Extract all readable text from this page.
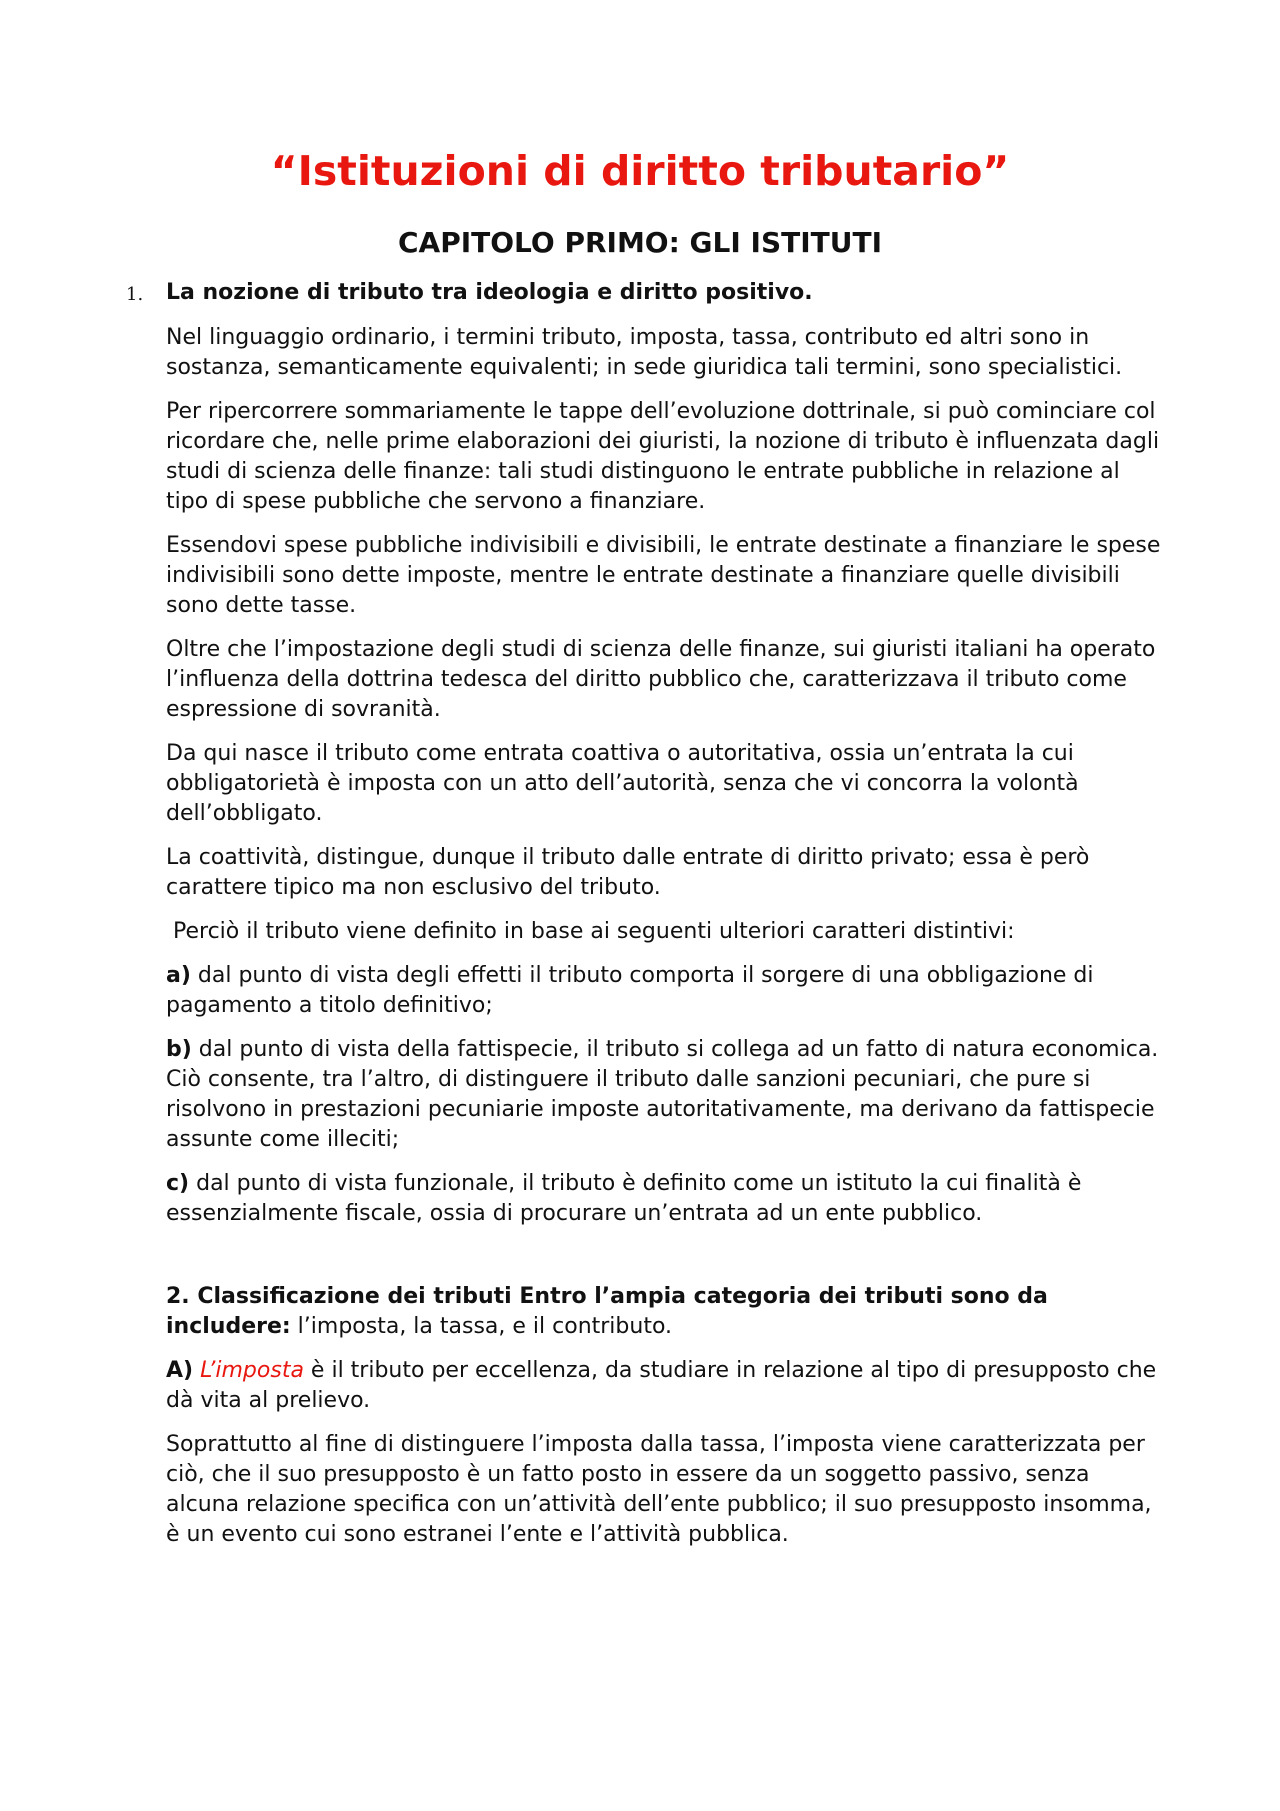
“Istituzioni di diritto tributario”
CAPITOLO PRIMO: GLI ISTITUTI
1. La nozione di tributo tra ideologia e diritto positivo.

Nel linguaggio ordinario, i termini tributo, imposta, tassa, contributo ed altri sono in sostanza, semanticamente equivalenti; in sede giuridica tali termini, sono specialistici.

Per ripercorrere sommariamente le tappe dell’evoluzione dottrinale, si può cominciare col ricordare che, nelle prime elaborazioni dei giuristi, la nozione di tributo è influenzata dagli studi di scienza delle finanze: tali studi distinguono le entrate pubbliche in relazione al tipo di spese pubbliche che servono a finanziare.

Essendovi spese pubbliche indivisibili e divisibili, le entrate destinate a finanziare le spese indivisibili sono dette imposte, mentre le entrate destinate a finanziare quelle divisibili sono dette tasse.

Oltre che l’impostazione degli studi di scienza delle finanze, sui giuristi italiani ha operato l’influenza della dottrina tedesca del diritto pubblico che, caratterizzava il tributo come espressione di sovranità.

Da qui nasce il tributo come entrata coattiva o autoritativa, ossia un’entrata la cui obbligatorietà è imposta con un atto dell’autorità, senza che vi concorra la volontà dell’obbligato.

La coattività, distingue, dunque il tributo dalle entrate di diritto privato; essa è però carattere tipico ma non esclusivo del tributo.

Perciò il tributo viene definito in base ai seguenti ulteriori caratteri distintivi:

a) dal punto di vista degli effetti il tributo comporta il sorgere di una obbligazione di pagamento a titolo definitivo;

b) dal punto di vista della fattispecie, il tributo si collega ad un fatto di natura economica. Ciò consente, tra l’altro, di distinguere il tributo dalle sanzioni pecuniari, che pure si risolvono in prestazioni pecuniarie imposte autoritativamente, ma derivano da fattispecie assunte come illeciti;

c) dal punto di vista funzionale, il tributo è definito come un istituto la cui finalità è essenzialmente fiscale, ossia di procurare un’entrata ad un ente pubblico.

2. Classificazione dei tributi Entro l’ampia categoria dei tributi sono da includere: l’imposta, la tassa, e il contributo.

A) L’imposta è il tributo per eccellenza, da studiare in relazione al tipo di presupposto che dà vita al prelievo.

Soprattutto al fine di distinguere l’imposta dalla tassa, l’imposta viene caratterizzata per ciò, che il suo presupposto è un fatto posto in essere da un soggetto passivo, senza alcuna relazione specifica con un’attività dell’ente pubblico; il suo presupposto insomma, è un evento cui sono estranei l’ente e l’attività pubblica.
